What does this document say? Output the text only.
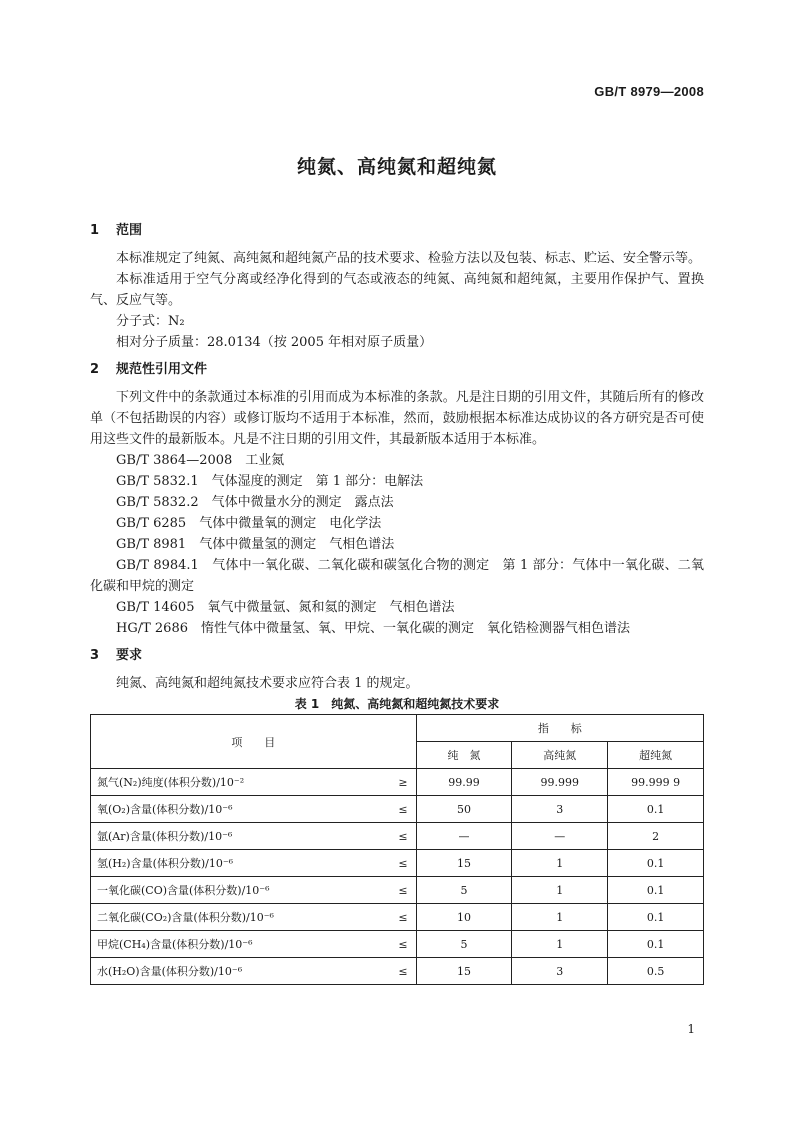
GB/T 8979—2008
纯氮、高纯氮和超纯氮
1 范围

本标准规定了纯氮、高纯氮和超纯氮产品的技术要求、检验方法以及包装、标志、贮运、安全警示等。

本标准适用于空气分离或经净化得到的气态或液态的纯氮、高纯氮和超纯氮，主要用作保护气、置换气、反应气等。

分子式：N₂

相对分子质量：28.0134（按 2005 年相对原子质量）

2 规范性引用文件

下列文件中的条款通过本标准的引用而成为本标准的条款。凡是注日期的引用文件，其随后所有的修改单（不包括勘误的内容）或修订版均不适用于本标准，然而，鼓励根据本标准达成协议的各方研究是否可使用这些文件的最新版本。凡是不注日期的引用文件，其最新版本适用于本标准。

GB/T 3864—2008　工业氮

GB/T 5832.1　气体湿度的测定　第 1 部分：电解法

GB/T 5832.2　气体中微量水分的测定　露点法

GB/T 6285　气体中微量氧的测定　电化学法

GB/T 8981　气体中微量氢的测定　气相色谱法

GB/T 8984.1　气体中一氧化碳、二氧化碳和碳氢化合物的测定　第 1 部分：气体中一氧化碳、二氧化碳和甲烷的测定

GB/T 14605　氧气中微量氩、氮和氦的测定　气相色谱法

HG/T 2686　惰性气体中微量氢、氧、甲烷、一氧化碳的测定　氧化锆检测器气相色谱法

3 要求

纯氮、高纯氮和超纯氮技术要求应符合表 1 的规定。

表 1　纯氮、高纯氮和超纯氮技术要求
项　　目	指　　标		
	纯　氮	高纯氮	超纯氮

氮气(N₂)纯度(体积分数)/10⁻² ≥	99.99	99.999	99.999 9

氧(O₂)含量(体积分数)/10⁻⁶ ≤	50	3	0.1

氩(Ar)含量(体积分数)/10⁻⁶ ≤	—	—	2

氢(H₂)含量(体积分数)/10⁻⁶ ≤	15	1	0.1

一氧化碳(CO)含量(体积分数)/10⁻⁶ ≤	5	1	0.1

二氧化碳(CO₂)含量(体积分数)/10⁻⁶ ≤	10	1	0.1

甲烷(CH₄)含量(体积分数)/10⁻⁶ ≤	5	1	0.1

水(H₂O)含量(体积分数)/10⁻⁶ ≤	15	3	0.5
1
